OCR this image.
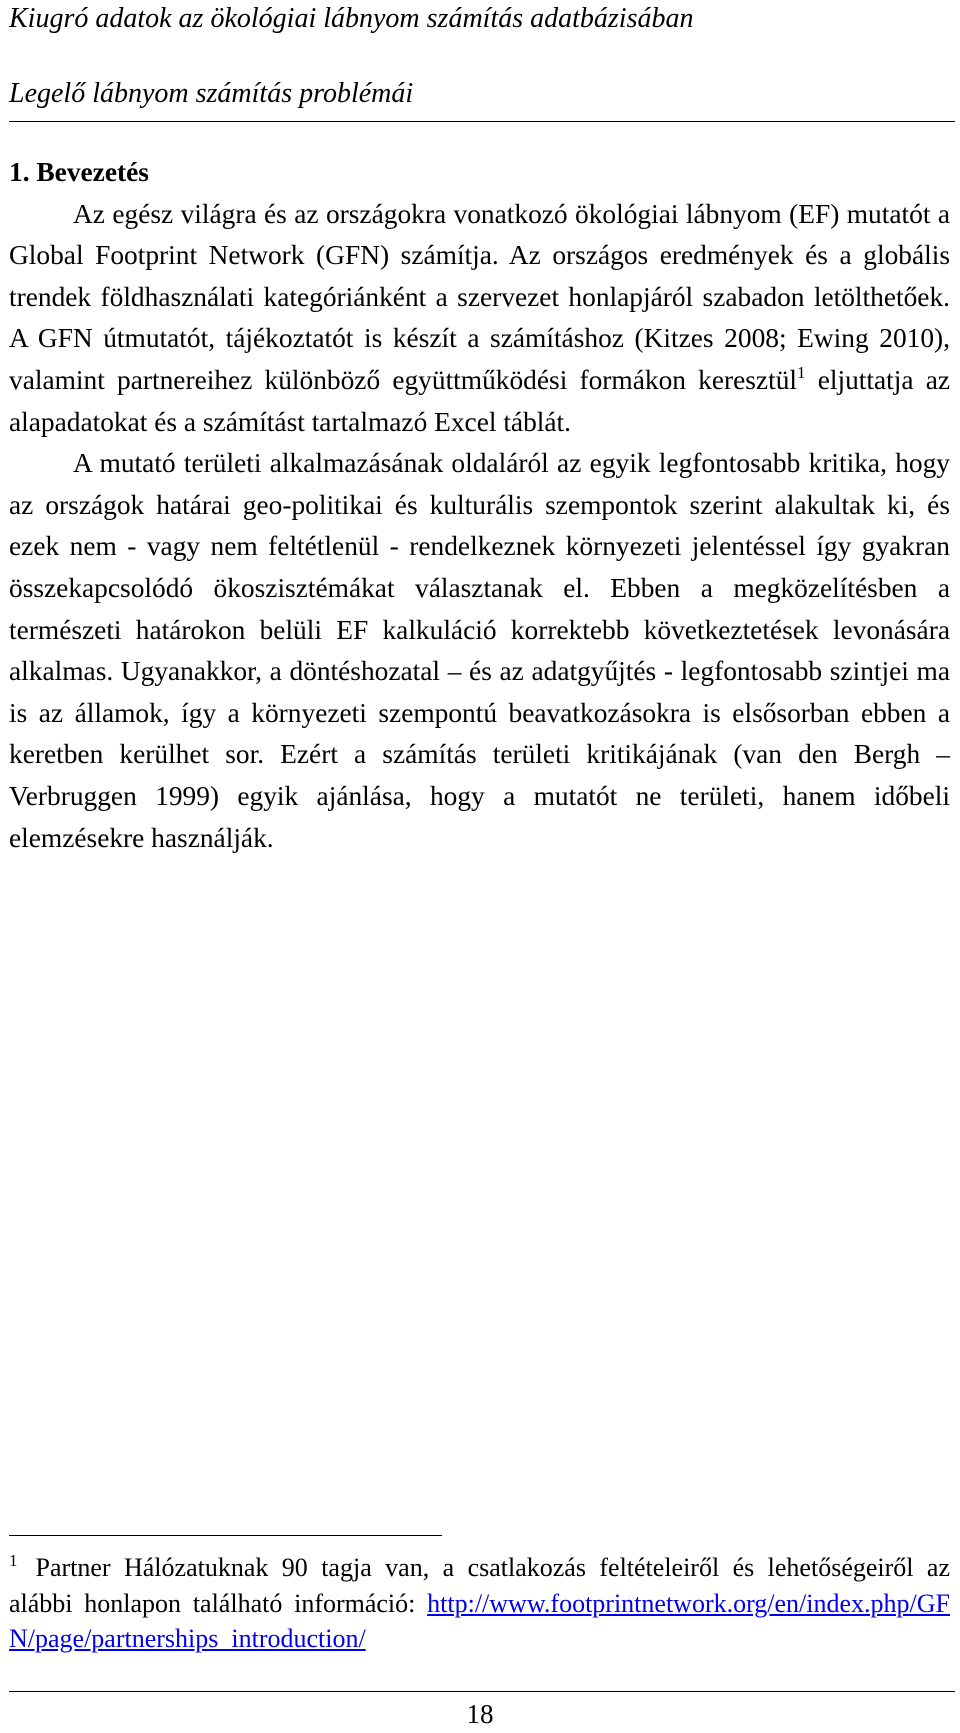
Kiugró adatok az ökológiai lábnyom számítás adatbázisában
Legelő lábnyom számítás problémái
1. Bevezetés

Az egész világra és az országokra vonatkozó ökológiai lábnyom (EF) mutatót a Global Footprint Network (GFN) számítja. Az országos eredmények és a globális trendek földhasználati kategóriánként a szervezet honlapjáról szabadon letölthetőek. A GFN útmutatót, tájékoztatót is készít a számításhoz (Kitzes 2008; Ewing 2010), valamint partnereihez különböző együttműködési formákon keresztül$^1$ eljuttatja az alapadatokat és a számítást tartalmazó Excel táblát.

A mutató területi alkalmazásának oldaláról az egyik legfontosabb kritika, hogy az országok határai geo-politikai és kulturális szempontok szerint alakultak ki, és ezek nem - vagy nem feltétlenül - rendelkeznek környezeti jelentéssel így gyakran összekapcsolódó ökoszisztémákat választanak el. Ebben a megközelítésben a természeti határokon belüli EF kalkuláció korrektebb következtetések levonására alkalmas. Ugyanakkor, a döntéshozatal – és az adatgyűjtés - legfontosabb szintjei ma is az államok, így a környezeti szempontú beavatkozásokra is elsősorban ebben a keretben kerülhet sor. Ezért a számítás területi kritikájának (van den Bergh – Verbruggen 1999) egyik ajánlása, hogy a mutatót ne területi, hanem időbeli elemzésekre használják.

$^1$ Partner Hálózatuknak 90 tagja van, a csatlakozás feltételeiről és lehetőségeiről az alábbi honlapon található információ: http://www.footprintnetwork.org/en/index.php/GFN/page/partnerships_introduction/
18
